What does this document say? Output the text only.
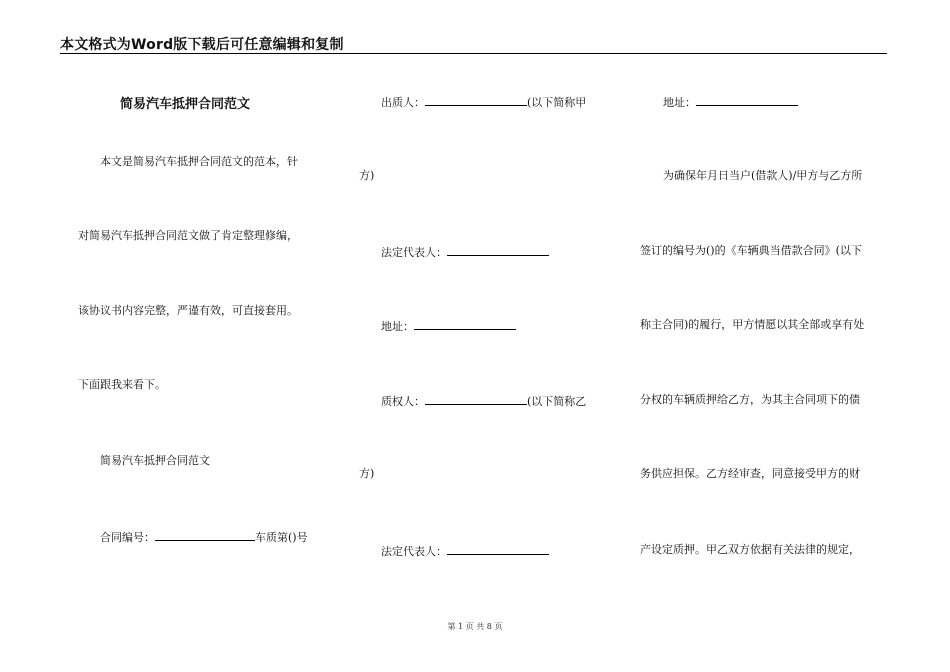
本文格式为Word版下载后可任意编辑和复制
简易汽车抵押合同范文
本文是简易汽车抵押合同范文的范本，针
对简易汽车抵押合同范文做了肯定整理修编，
该协议书内容完整，严谨有效，可直接套用。
下面跟我来看下。
简易汽车抵押合同范文
合同编号：	车质第()号
出质人：	(以下简称甲
方)
法定代表人：
地址：
质权人：	(以下简称乙
方)
法定代表人：
地址：
为确保年月日当户(借款人)/甲方与乙方所
签订的编号为()的《车辆典当借款合同》(以下
称主合同)的履行，甲方情愿以其全部或享有处
分权的车辆质押给乙方，为其主合同项下的债
务供应担保。乙方经审查，同意接受甲方的财
产设定质押。甲乙双方依据有关法律的规定，
第 1 页 共 8 页
